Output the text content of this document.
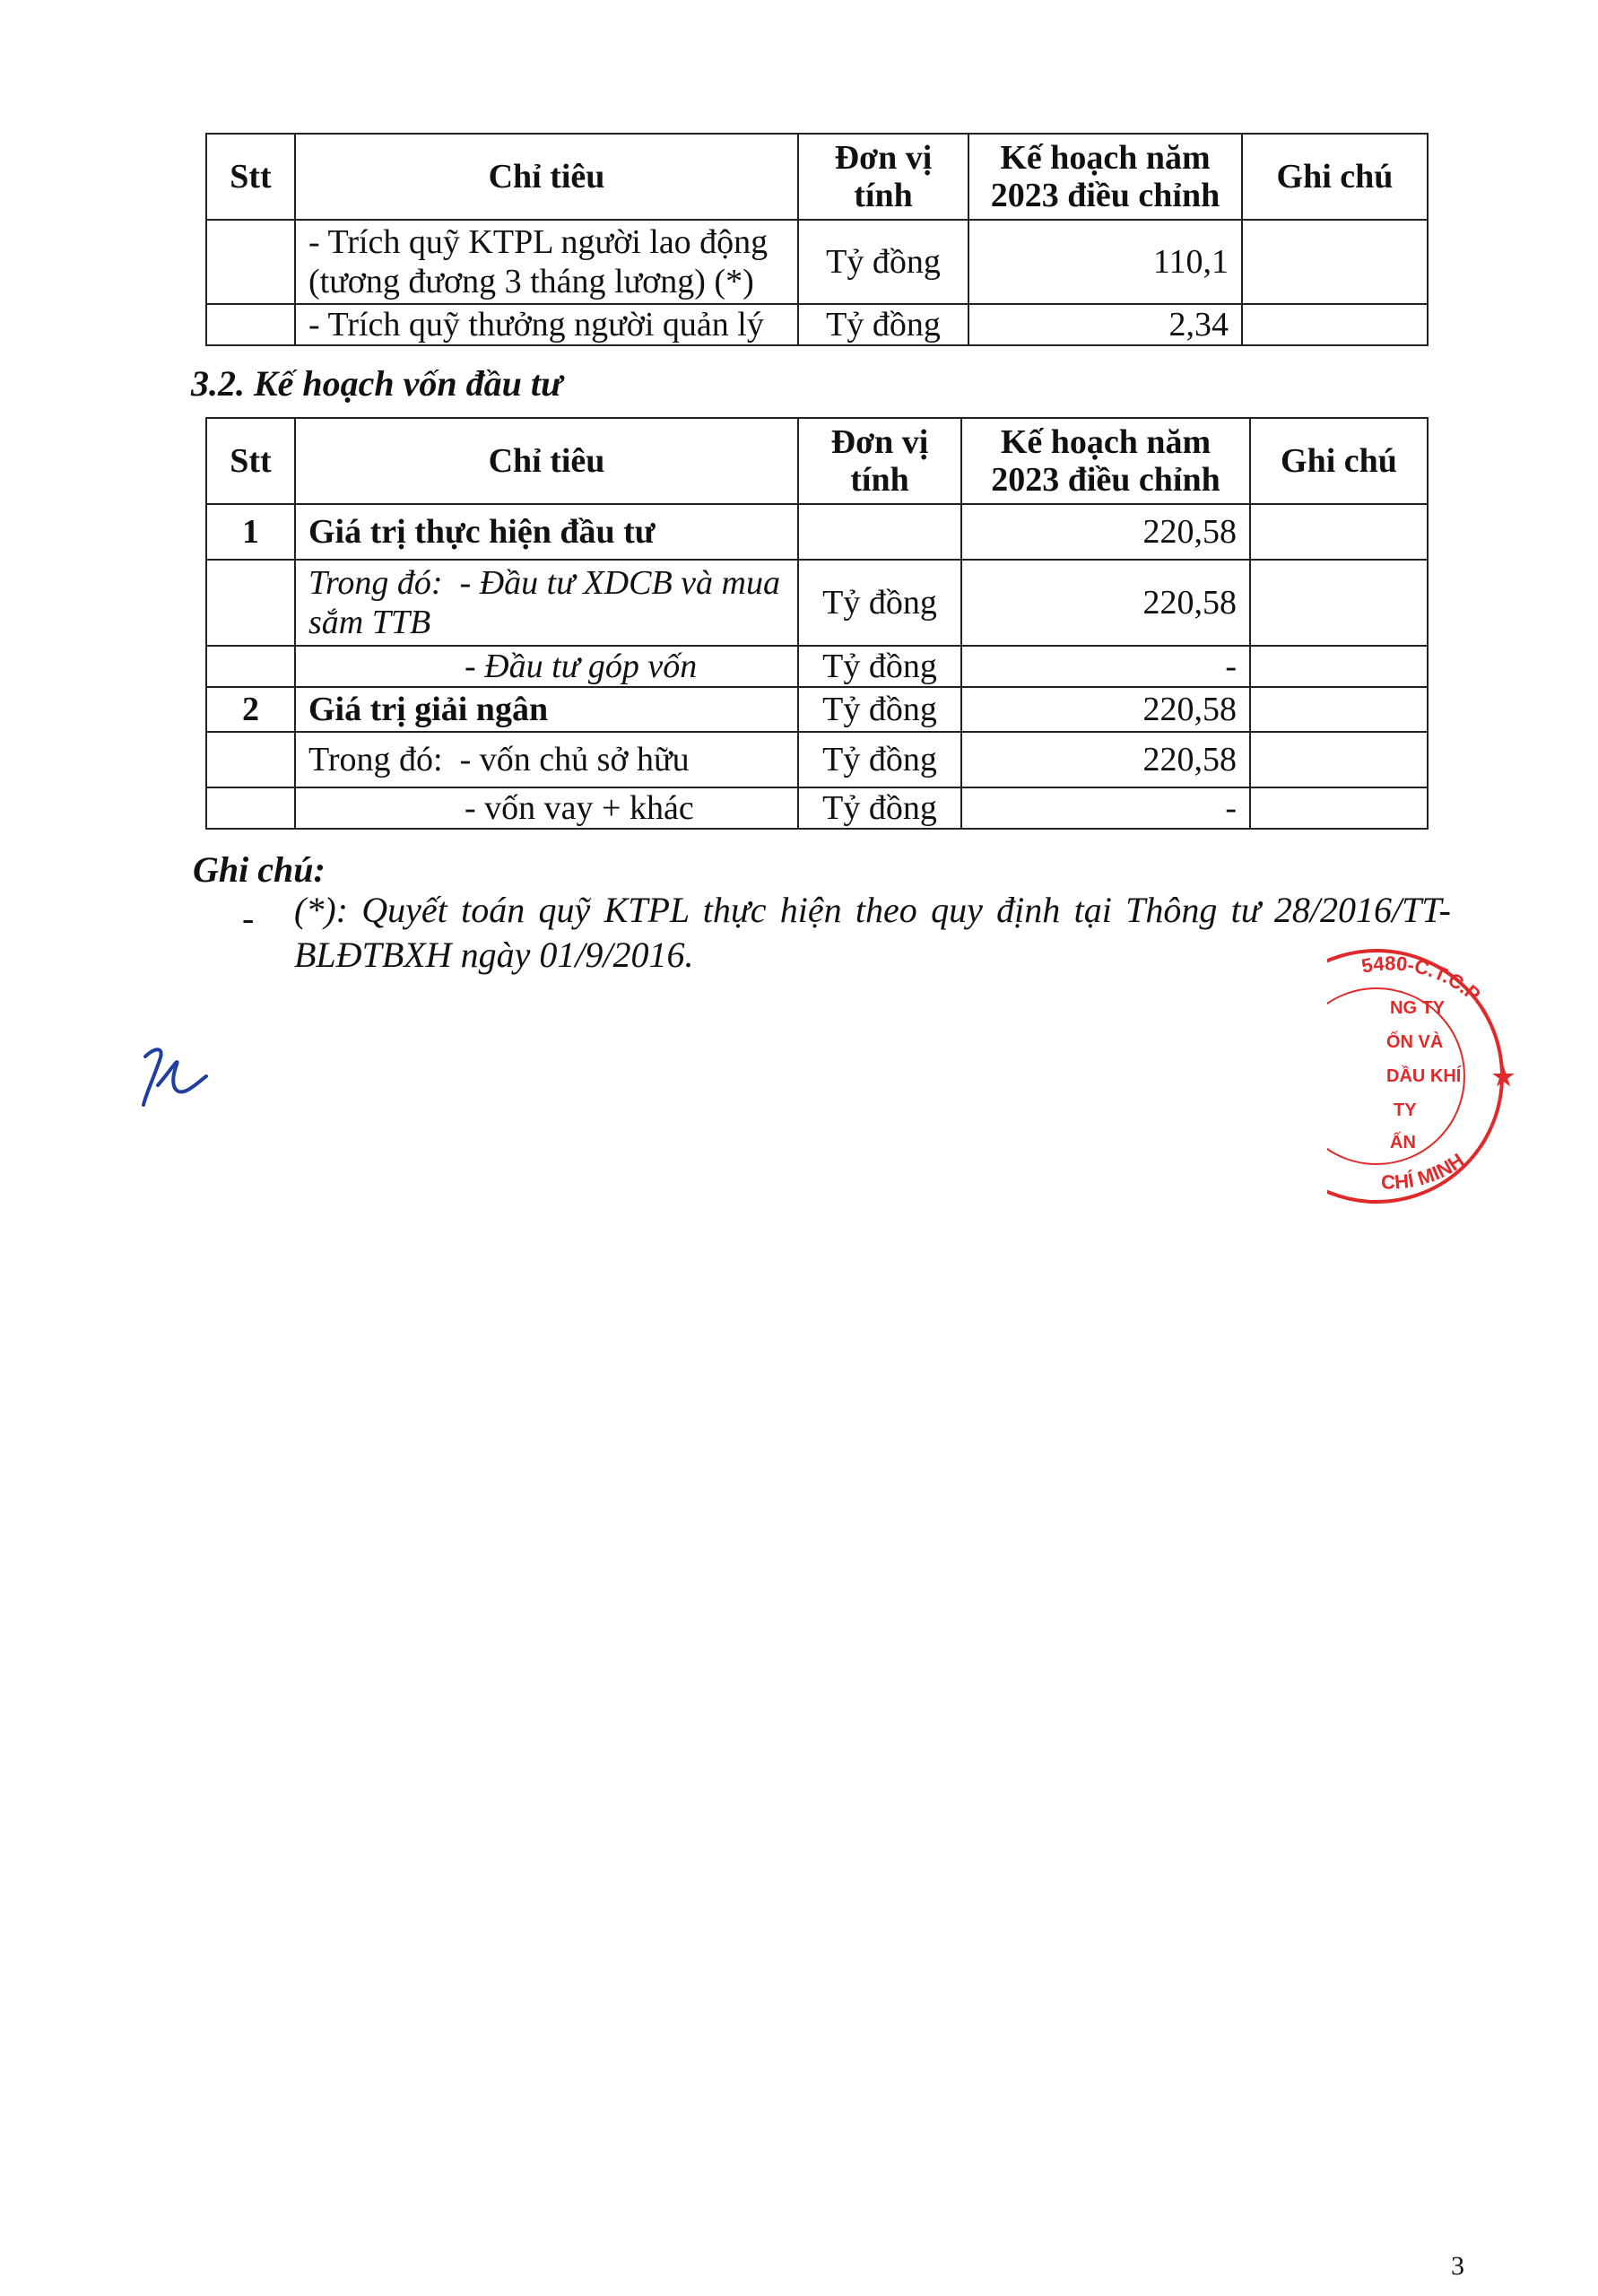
Stt	Chỉ tiêu	Đơn vị tính	Kế hoạch năm 2023 điều chỉnh	Ghi chú
	- Trích quỹ KTPL người lao động (tương đương 3 tháng lương) (*)	Tỷ đồng	110,1	
	- Trích quỹ thưởng người quản lý	Tỷ đồng	2,34	
3.2. Kế hoạch vốn đầu tư
Stt	Chỉ tiêu	Đơn vị tính	Kế hoạch năm 2023 điều chỉnh	Ghi chú
1	Giá trị thực hiện đầu tư		220,58	
	Trong đó: - Đầu tư XDCB và mua sắm TTB	Tỷ đồng	220,58	
	- Đầu tư góp vốn	Tỷ đồng	-	
2	Giá trị giải ngân	Tỷ đồng	220,58	
	Trong đó: - vốn chủ sở hữu	Tỷ đồng	220,58	
	- vốn vay + khác	Tỷ đồng	-	
Ghi chú:
- (*): Quyết toán quỹ KTPL thực hiện theo quy định tại Thông tư 28/2016/TT-BLĐTBXH ngày 01/9/2016.	5480-C.T.C.P
CHÍ MINH
NG TY
ỐN VÀ
DẦU KHÍ
TY
ẤN
★
3
